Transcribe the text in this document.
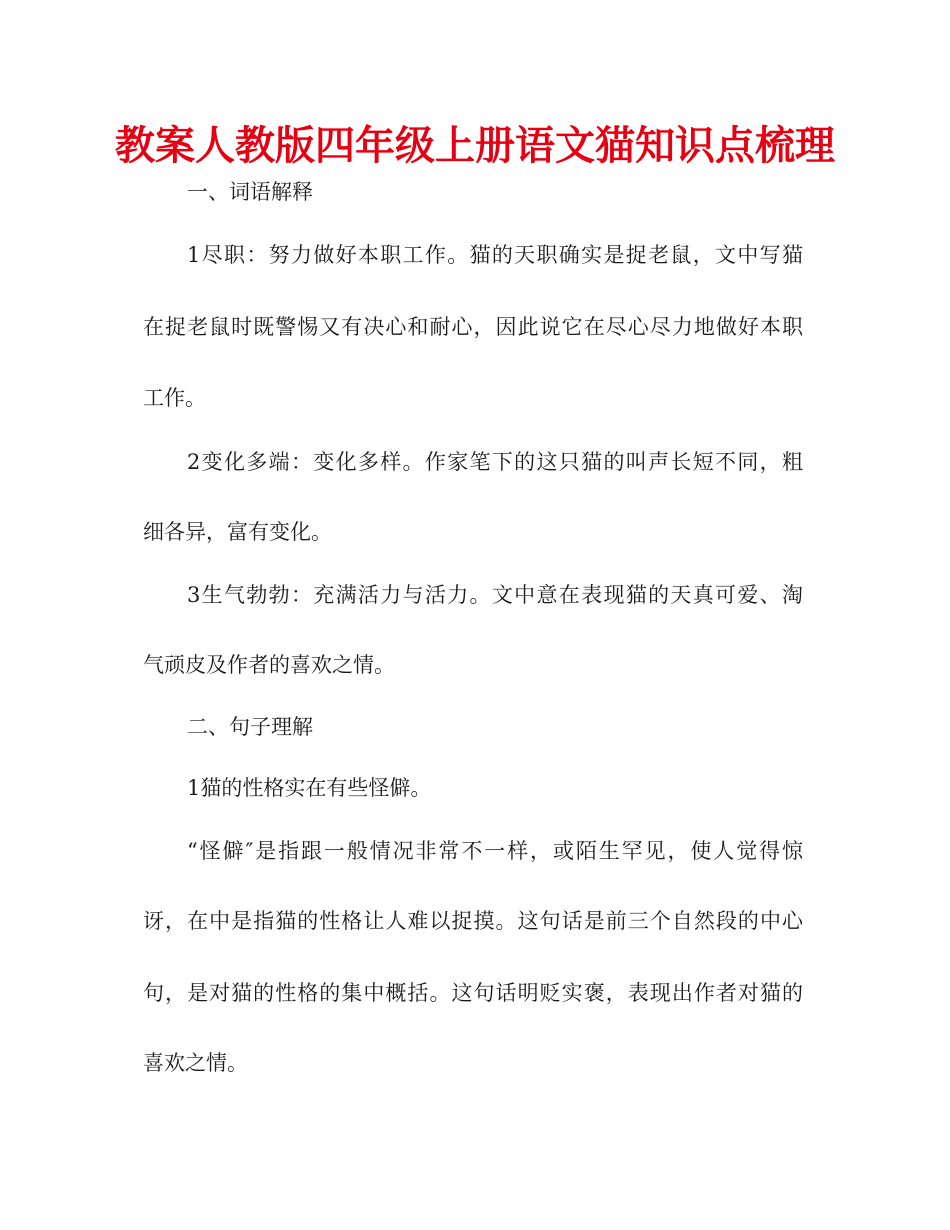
教案人教版四年级上册语文猫知识点梳理
一、词语解释
1尽职：努力做好本职工作。猫的天职确实是捉老鼠，文中写猫
在捉老鼠时既警惕又有决心和耐心，因此说它在尽心尽力地做好本职
工作。
2变化多端：变化多样。作家笔下的这只猫的叫声长短不同，粗
细各异，富有变化。
3生气勃勃：充满活力与活力。文中意在表现猫的天真可爱、淘
气顽皮及作者的喜欢之情。
二、句子理解
1猫的性格实在有些怪僻。
“怪僻″是指跟一般情况非常不一样，或陌生罕见，使人觉得惊
讶，在中是指猫的性格让人难以捉摸。这句话是前三个自然段的中心
句，是对猫的性格的集中概括。这句话明贬实褒，表现出作者对猫的
喜欢之情。
